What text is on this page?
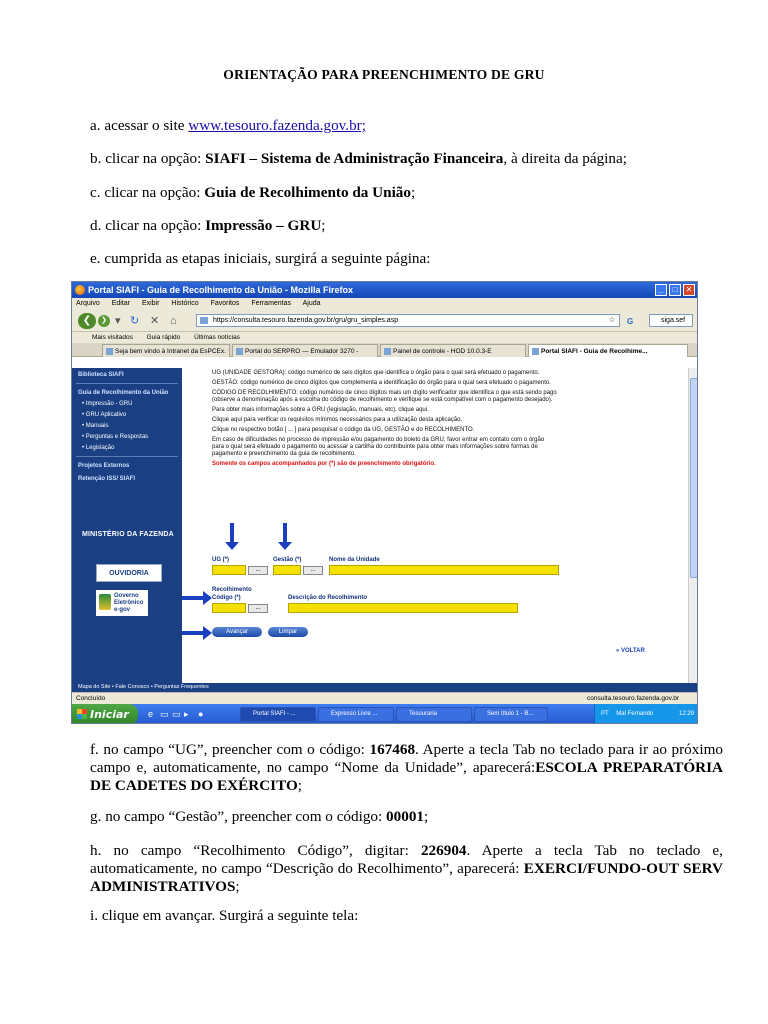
ORIENTAÇÃO PARA PREENCHIMENTO DE GRU
a. acessar o site www.tesouro.fazenda.gov.br;
b. clicar na opção: SIAFI – Sistema de Administração Financeira, à direita da página;
c. clicar na opção: Guia de Recolhimento da União;
d. clicar na opção: Impressão – GRU;
e. cumprida as etapas iniciais, surgirá a seguinte página:
Portal SIAFI - Guia de Recolhimento da União - Mozilla Firefox	_	□	✕
Arquivo Editar Exibir Histórico Favoritos Ferramentas Ajuda
❮	❯ ▾ ↻ ✕ ⌂	https://consulta.tesouro.fazenda.gov.br/gru/gru_simples.asp	☆ G	siga.sef
Mais visitados Guia rápido Últimas notícias
Seja bem vindo à Intranet da EsPCEx.	Portal do SERPRO — Emulador 3270 -	Painel de controle - HOD 10.0.3-E	Portal SIAFI - Guia de Recolhime...
Biblioteca SIAFI
Guia de Recolhimento da União
• Impressão - GRU
• GRU Aplicativo
• Manuais
• Perguntas e Respostas
• Legislação
Projetos Externos
Retenção ISS/ SIAFI
MINISTÉRIO DA FAZENDA
OUVIDORIA
Governo Eletrônico e-gov

UG (UNIDADE GESTORA): código numérico de seis dígitos que identifica o órgão para o qual será efetuado o pagamento.

GESTÃO: código numérico de cinco dígitos que complementa a identificação do órgão para o qual será efetuado o pagamento.

CÓDIGO DE RECOLHIMENTO: código numérico de cinco dígitos mais um dígito verificador que identifica o que está sendo pago (observe a denominação após a escolha do código de recolhimento e verifique se está compatível com o pagamento desejado).

Para obter mais informações sobre a GRU (legislação, manuais, etc), clique aqui.

Clique aqui para verificar os requisitos mínimos necessários para a utilização desta aplicação.

Clique no respectivo botão [ ... ] para pesquisar o código da UG, GESTÃO e do RECOLHIMENTO.

Em caso de dificuldades no processo de impressão e/ou pagamento do boleto da GRU, favor entrar em contato com o órgão para o qual será efetuado o pagamento ou acessar a cartilha do contribuinte para obter mais informações sobre formas de pagamento e preenchimento da guia de recolhimento.

Somente os campos acompanhados por (*) são de preenchimento obrigatório.

UG (*)	Gestão (*)	Nome da Unidade
...	...
Recolhimento
Código (*)	Descrição do Recolhimento
...
Avançar	Limpar
« VOLTAR
Mapa do Site • Fale Conosco • Perguntas Frequentes
Concluído	consulta.tesouro.fazenda.gov.br
Iniciar	e ▭ ▭ ▸ ●	Portal SIAFI - ...	Expresso Livre ...	Tesouraria	Sem título 1 - B...	PT Mal Fernando	12:29
f. no campo “UG”, preencher com o código: 167468. Aperte a tecla Tab no teclado para ir ao próximo campo e, automaticamente, no campo “Nome da Unidade”, aparecerá:ESCOLA PREPARATÓRIA DE CADETES DO EXÉRCITO;
g. no campo “Gestão”, preencher com o código: 00001;
h. no campo “Recolhimento Código”, digitar: 226904. Aperte a tecla Tab no teclado e, automaticamente, no campo “Descrição do Recolhimento”, aparecerá: EXERCI/FUNDO-OUT SERV ADMINISTRATIVOS;
i. clique em avançar. Surgirá a seguinte tela:
